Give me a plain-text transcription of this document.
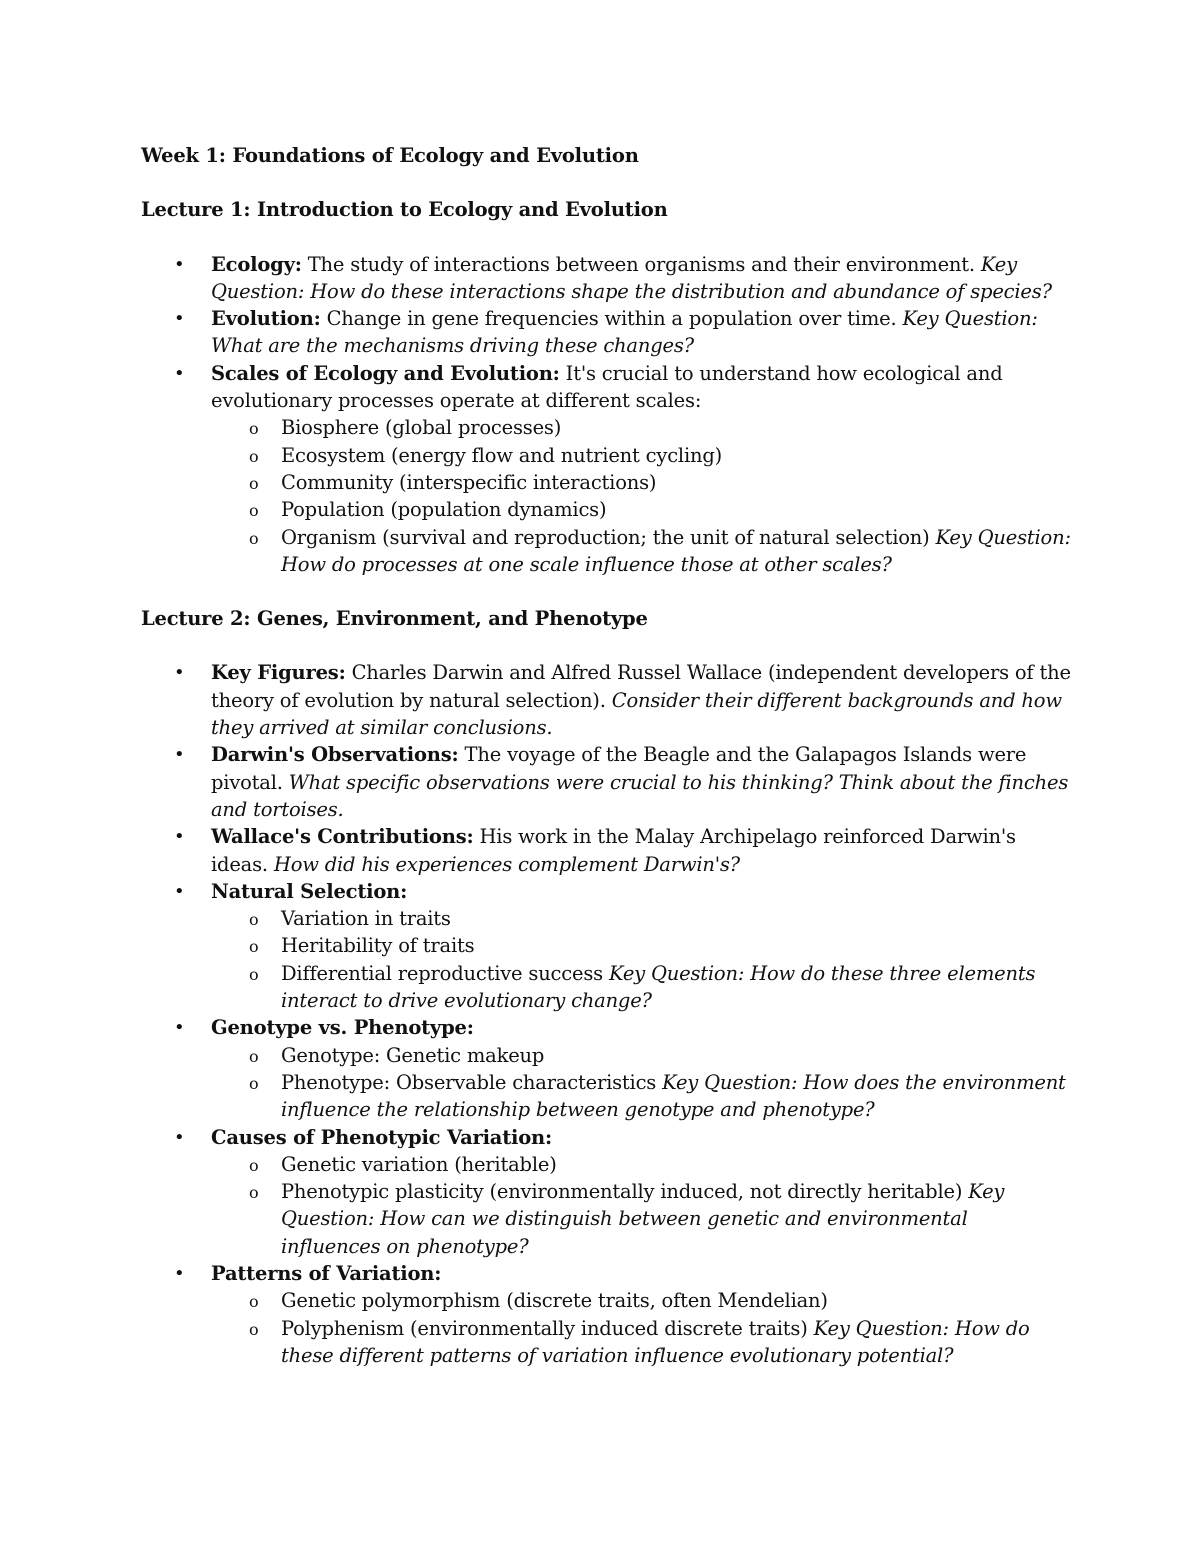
Week 1: Foundations of Ecology and Evolution
Lecture 1: Introduction to Ecology and Evolution
• Ecology: The study of interactions between organisms and their environment. Key Question: How do these interactions shape the distribution and abundance of species?
• Evolution: Change in gene frequencies within a population over time. Key Question: What are the mechanisms driving these changes?
• Scales of Ecology and Evolution: It's crucial to understand how ecological and evolutionary processes operate at different scales:
o Biosphere (global processes)
o Ecosystem (energy flow and nutrient cycling)
o Community (interspecific interactions)
o Population (population dynamics)
o Organism (survival and reproduction; the unit of natural selection) Key Question: How do processes at one scale influence those at other scales?
Lecture 2: Genes, Environment, and Phenotype
• Key Figures: Charles Darwin and Alfred Russel Wallace (independent developers of the theory of evolution by natural selection). Consider their different backgrounds and how they arrived at similar conclusions.
• Darwin's Observations: The voyage of the Beagle and the Galapagos Islands were pivotal. What specific observations were crucial to his thinking? Think about the finches and tortoises.
• Wallace's Contributions: His work in the Malay Archipelago reinforced Darwin's ideas. How did his experiences complement Darwin's?
• Natural Selection:
o Variation in traits
o Heritability of traits
o Differential reproductive success Key Question: How do these three elements interact to drive evolutionary change?
• Genotype vs. Phenotype:
o Genotype: Genetic makeup
o Phenotype: Observable characteristics Key Question: How does the environment influence the relationship between genotype and phenotype?
• Causes of Phenotypic Variation:
o Genetic variation (heritable)
o Phenotypic plasticity (environmentally induced, not directly heritable) Key Question: How can we distinguish between genetic and environmental influences on phenotype?
• Patterns of Variation:
o Genetic polymorphism (discrete traits, often Mendelian)
o Polyphenism (environmentally induced discrete traits) Key Question: How do these different patterns of variation influence evolutionary potential?
